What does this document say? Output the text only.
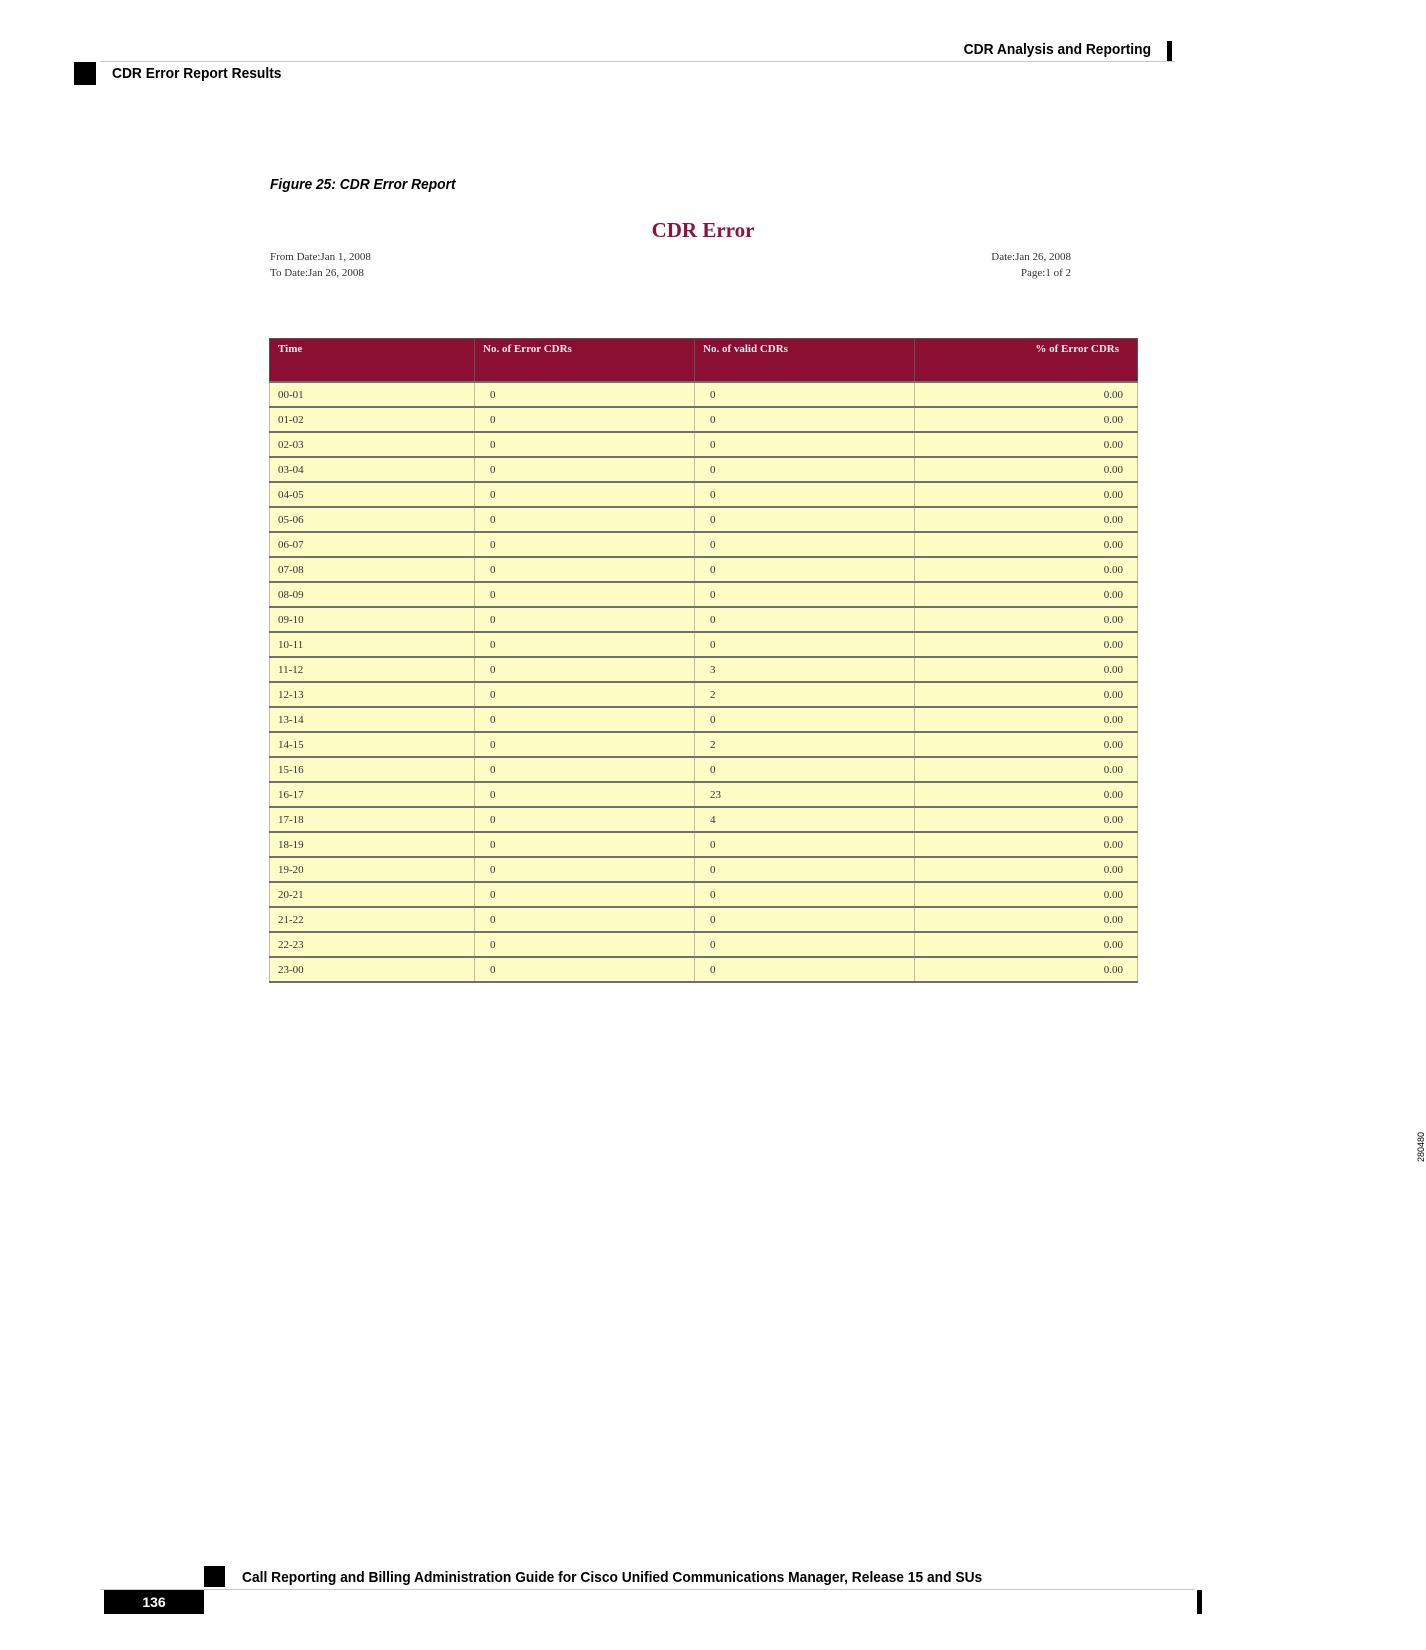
CDR Analysis and Reporting
CDR Error Report Results
Figure 25: CDR Error Report
CDR Error
From Date:Jan 1, 2008
To Date:Jan 26, 2008
Date:Jan 26, 2008
Page:1 of 2
Time	No. of Error CDRs	No. of valid CDRs	% of Error CDRs
00-01	0	0	0.00
01-02	0	0	0.00
02-03	0	0	0.00
03-04	0	0	0.00
04-05	0	0	0.00
05-06	0	0	0.00
06-07	0	0	0.00
07-08	0	0	0.00
08-09	0	0	0.00
09-10	0	0	0.00
10-11	0	0	0.00
11-12	0	3	0.00
12-13	0	2	0.00
13-14	0	0	0.00
14-15	0	2	0.00
15-16	0	0	0.00
16-17	0	23	0.00
17-18	0	4	0.00
18-19	0	0	0.00
19-20	0	0	0.00
20-21	0	0	0.00
21-22	0	0	0.00
22-23	0	0	0.00
23-00	0	0	0.00
280480
Call Reporting and Billing Administration Guide for Cisco Unified Communications Manager, Release 15 and SUs
136
